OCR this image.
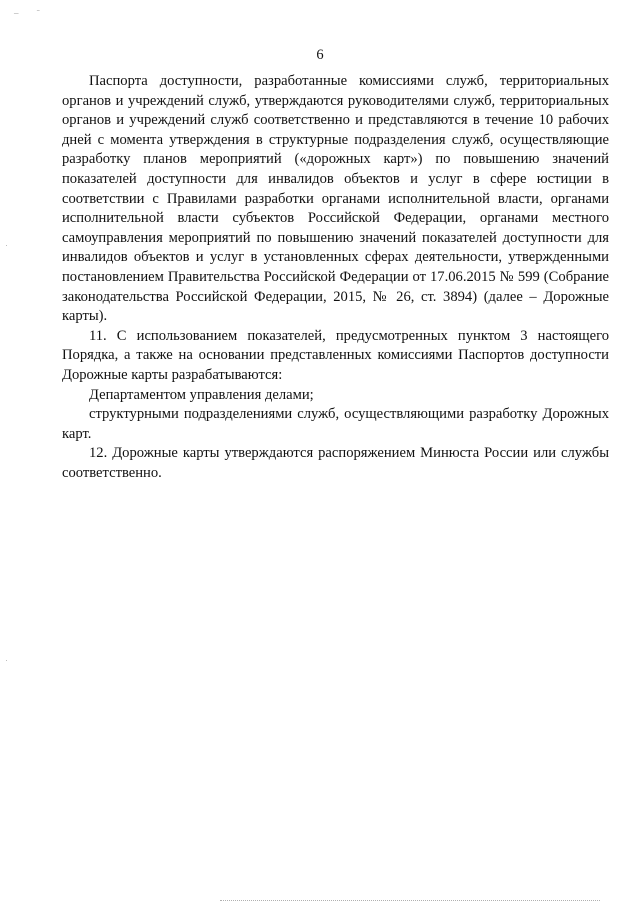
‒ ˉ
6

Паспорта доступности, разработанные комиссиями служб, территориальных органов и учреждений служб, утверждаются руководителями служб, территориальных органов и учреждений служб соответственно и представляются в течение 10 рабочих дней с момента утверждения в структурные подразделения служб, осуществляющие разработку планов мероприятий («дорожных карт») по повышению значений показателей доступности для инвалидов объектов и услуг в сфере юстиции в соответствии с Правилами разработки органами исполнительной власти, органами исполнительной власти субъектов Российской Федерации, органами местного самоуправления мероприятий по повышению значений показателей доступности для инвалидов объектов и услуг в установленных сферах деятельности, утвержденными постановлением Правительства Российской Федерации от 17.06.2015 № 599 (Собрание законодательства Российской Федерации, 2015, № 26, ст. 3894) (далее – Дорожные карты).

11. С использованием показателей, предусмотренных пунктом 3 настоящего Порядка, а также на основании представленных комиссиями Паспортов доступности Дорожные карты разрабатываются:

Департаментом управления делами;

структурными подразделениями служб, осуществляющими разработку Дорожных карт.

12. Дорожные карты утверждаются распоряжением Минюста России или службы соответственно.
